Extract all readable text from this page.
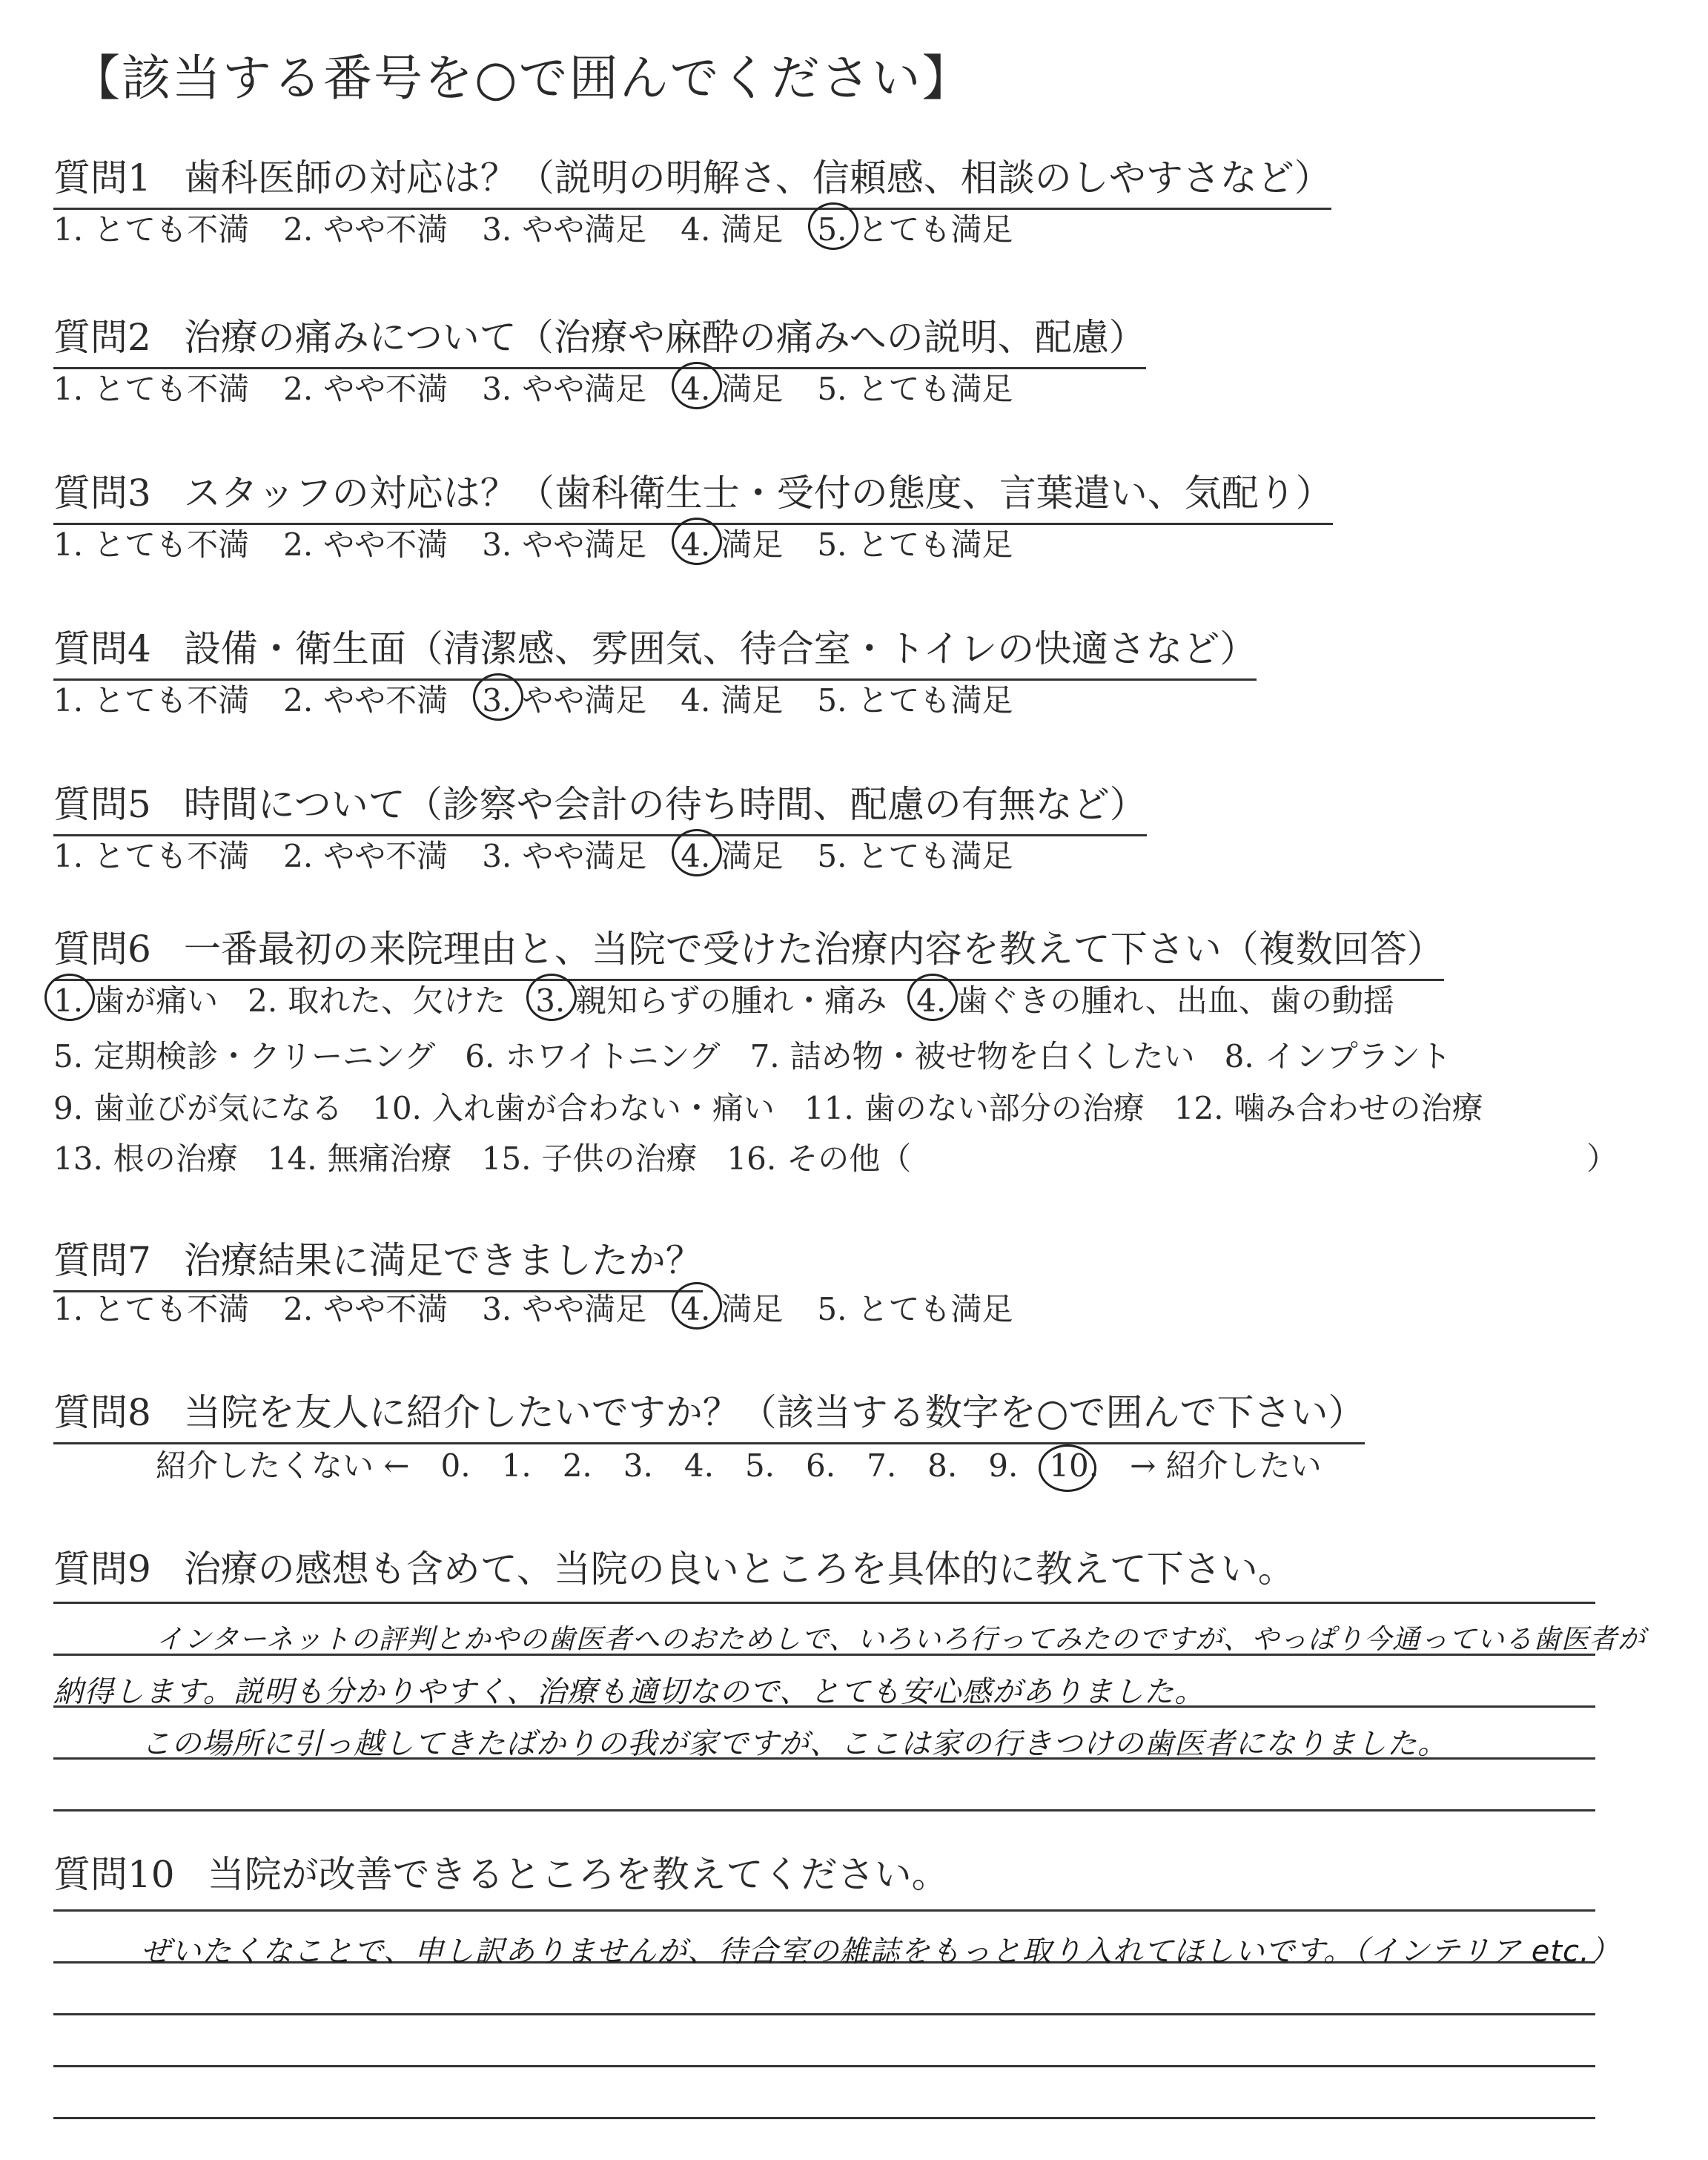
【該当する番号を○で囲んでください】
質問1 歯科医師の対応は？（説明の明解さ、信頼感、相談のしやすさなど）
1. とても不満 2. やや不満 3. やや満足 4. 満足 5. とても満足
質問2 治療の痛みについて（治療や麻酔の痛みへの説明、配慮）
1. とても不満 2. やや不満 3. やや満足 4. 満足 5. とても満足
質問3 スタッフの対応は？（歯科衛生士・受付の態度、言葉遣い、気配り）
1. とても不満 2. やや不満 3. やや満足 4. 満足 5. とても満足
質問4 設備・衛生面（清潔感、雰囲気、待合室・トイレの快適さなど）
1. とても不満 2. やや不満 3. やや満足 4. 満足 5. とても満足
質問5 時間について（診察や会計の待ち時間、配慮の有無など）
1. とても不満 2. やや不満 3. やや満足 4. 満足 5. とても満足
質問6 一番最初の来院理由と、当院で受けた治療内容を教えて下さい（複数回答）
1. 歯が痛い 2. 取れた、欠けた 3. 親知らずの腫れ・痛み 4. 歯ぐきの腫れ、出血、歯の動揺
5. 定期検診・クリーニング 6. ホワイトニング 7. 詰め物・被せ物を白くしたい 8. インプラント
9. 歯並びが気になる 10. 入れ歯が合わない・痛い 11. 歯のない部分の治療 12. 噛み合わせの治療
13. 根の治療 14. 無痛治療 15. 子供の治療 16. その他（	）
質問7 治療結果に満足できましたか？
1. とても不満 2. やや不満 3. やや満足 4. 満足 5. とても満足
質問8 当院を友人に紹介したいですか？（該当する数字を○で囲んで下さい）
紹介したくない ← 0. 1. 2. 3. 4. 5. 6. 7. 8. 9. 10. → 紹介したい
質問9 治療の感想も含めて、当院の良いところを具体的に教えて下さい。
インターネットの評判とかやの歯医者へのおためしで、いろいろ行ってみたのですが、やっぱり今通っている歯医者が
納得します。説明も分かりやすく、治療も適切なので、とても安心感がありました。
この場所に引っ越してきたばかりの我が家ですが、ここは家の行きつけの歯医者になりました。
質問10 当院が改善できるところを教えてください。
ぜいたくなことで、申し訳ありませんが、待合室の雑誌をもっと取り入れてほしいです。（インテリア etc.）
